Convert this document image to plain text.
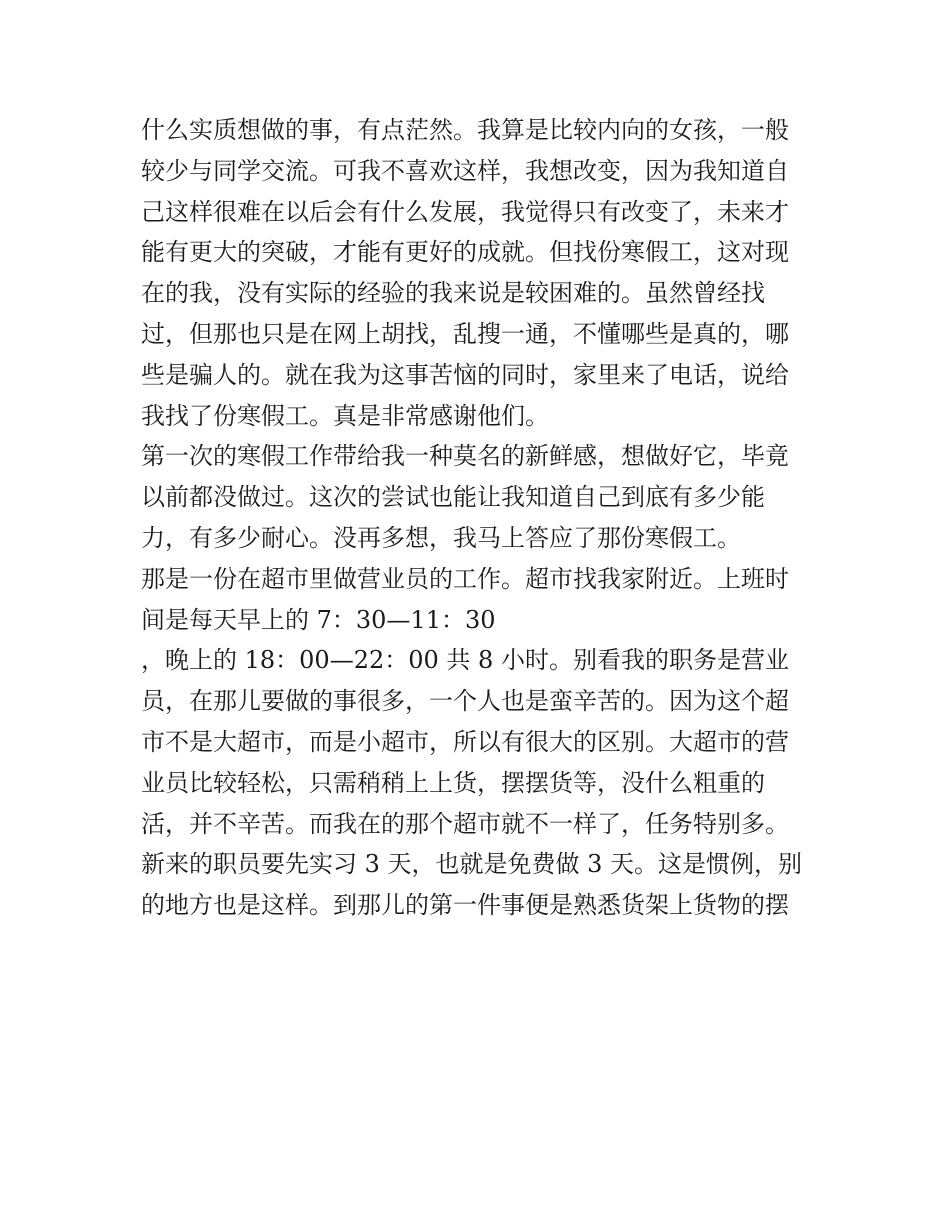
什么实质想做的事，有点茫然。我算是比较内向的女孩，一般
较少与同学交流。可我不喜欢这样，我想改变，因为我知道自
己这样很难在以后会有什么发展，我觉得只有改变了，未来才
能有更大的突破，才能有更好的成就。但找份寒假工，这对现
在的我，没有实际的经验的我来说是较困难的。虽然曾经找
过，但那也只是在网上胡找，乱搜一通，不懂哪些是真的，哪
些是骗人的。就在我为这事苦恼的同时，家里来了电话，说给
我找了份寒假工。真是非常感谢他们。
第一次的寒假工作带给我一种莫名的新鲜感，想做好它，毕竟
以前都没做过。这次的尝试也能让我知道自己到底有多少能
力，有多少耐心。没再多想，我马上答应了那份寒假工。
那是一份在超市里做营业员的工作。超市找我家附近。上班时
间是每天早上的 7：30—11：30
，晚上的 18：00—22：00 共 8 小时。别看我的职务是营业
员，在那儿要做的事很多，一个人也是蛮辛苦的。因为这个超
市不是大超市，而是小超市，所以有很大的区别。大超市的营
业员比较轻松，只需稍稍上上货，摆摆货等，没什么粗重的
活，并不辛苦。而我在的那个超市就不一样了，任务特别多。
新来的职员要先实习 3 天，也就是免费做 3 天。这是惯例，别
的地方也是这样。到那儿的第一件事便是熟悉货架上货物的摆
